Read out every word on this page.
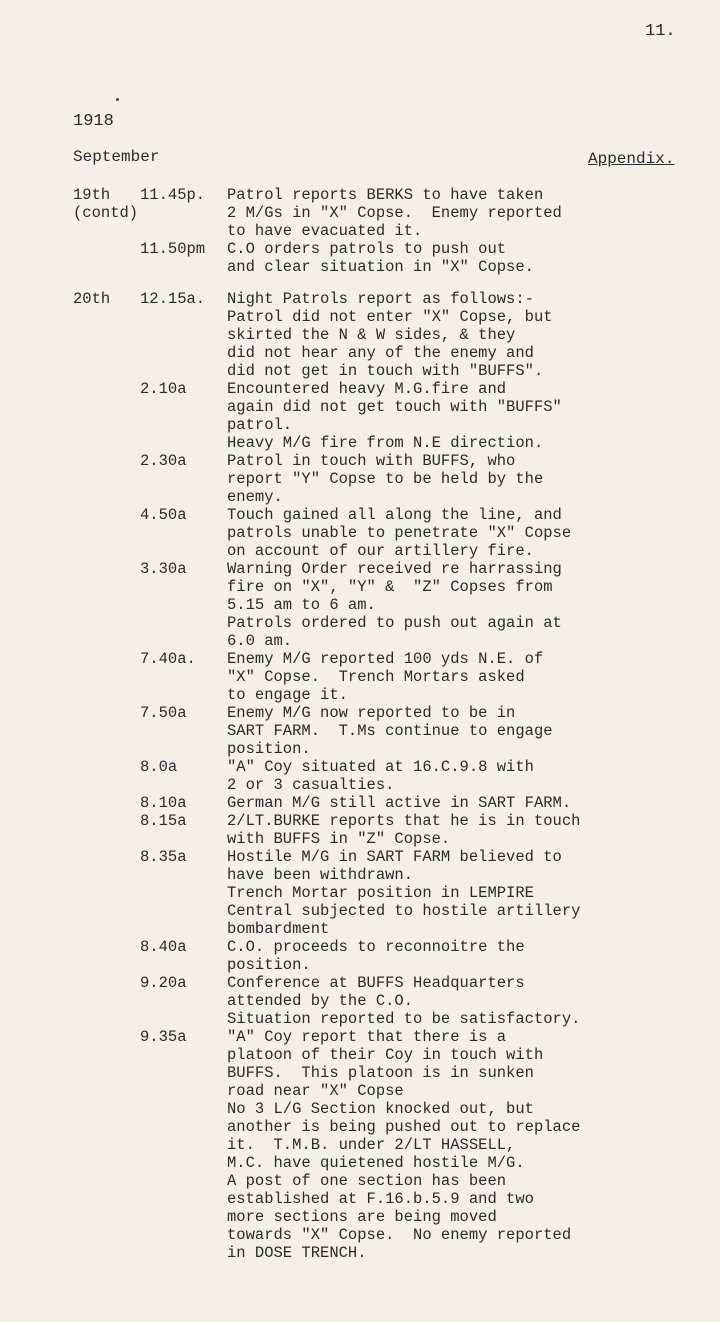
11.
1918
September	Appendix.
19th
(contd)
11.45p. Patrol reports BERKS to have taken
2 M/Gs in "X" Copse.  Enemy reported
to have evacuated it.
11.50pm C.O orders patrols to push out
and clear situation in "X" Copse.
20th 12.15a. Night Patrols report as follows:-
Patrol did not enter "X" Copse, but
skirted the N & W sides, & they
did not hear any of the enemy and
did not get in touch with "BUFFS".
2.10a	Encountered heavy M.G.fire and
again did not get touch with "BUFFS"
patrol.
Heavy M/G fire from N.E direction.
2.30a	Patrol in touch with BUFFS, who
report "Y" Copse to be held by the
enemy.
4.50a	Touch gained all along the line, and
patrols unable to penetrate "X" Copse
on account of our artillery fire.
3.30a	Warning Order received re harrassing
fire on "X", "Y" &  "Z" Copses from
5.15 am to 6 am.
Patrols ordered to push out again at
6.0 am.
7.40a. Enemy M/G reported 100 yds N.E. of
"X" Copse.  Trench Mortars asked
to engage it.
7.50a	Enemy M/G now reported to be in
SART FARM.  T.Ms continue to engage
position.
8.0a	"A" Coy situated at 16.C.9.8 with
2 or 3 casualties.
8.10a	German M/G still active in SART FARM.
8.15a	2/LT.BURKE reports that he is in touch
with BUFFS in "Z" Copse.
8.35a	Hostile M/G in SART FARM believed to
have been withdrawn.
Trench Mortar position in LEMPIRE
Central subjected to hostile artillery
bombardment
8.40a	C.O. proceeds to reconnoitre the
position.
9.20a	Conference at BUFFS Headquarters
attended by the C.O.
Situation reported to be satisfactory.
9.35a	"A" Coy report that there is a
platoon of their Coy in touch with
BUFFS.  This platoon is in sunken
road near "X" Copse
No 3 L/G Section knocked out, but
another is being pushed out to replace
it.  T.M.B. under 2/LT HASSELL,
M.C. have quietened hostile M/G.
A post of one section has been
established at F.16.b.5.9 and two
more sections are being moved
towards "X" Copse.  No enemy reported
in DOSE TRENCH.
